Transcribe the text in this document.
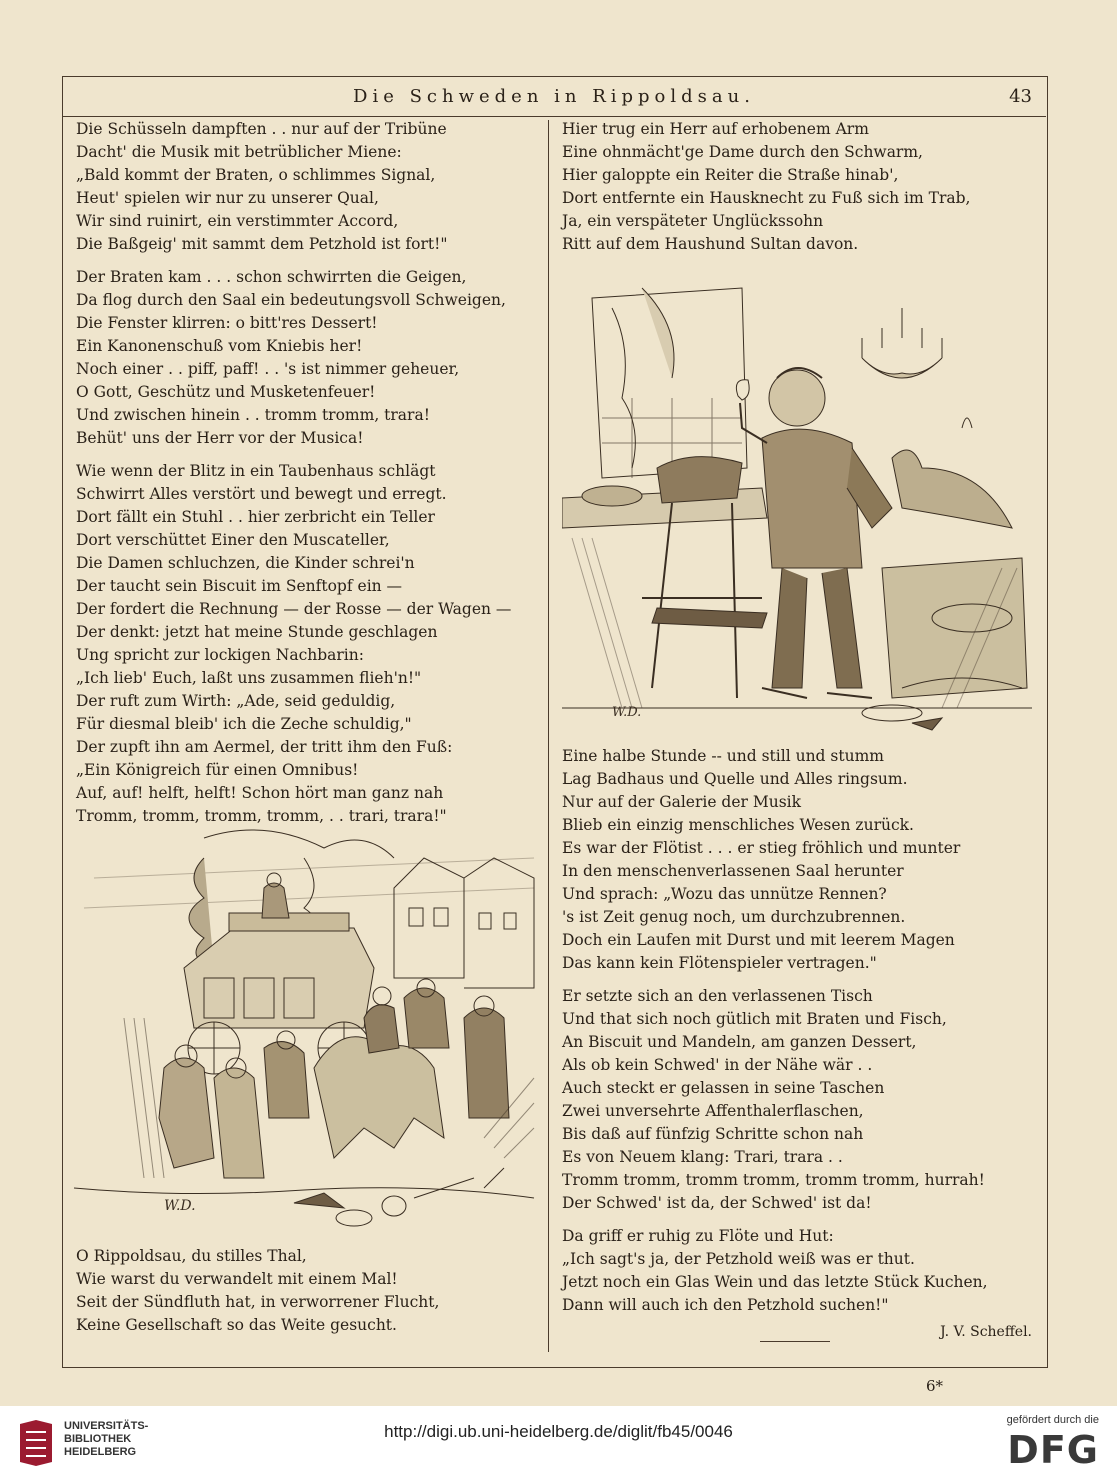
Die Schweden in Rippoldsau.	43
Die Schüsseln dampften . . nur auf der Tribüne
Dacht' die Musik mit betrüblicher Miene:
„Bald kommt der Braten, o schlimmes Signal,
Heut' spielen wir nur zu unserer Qual,
Wir sind ruinirt, ein verstimmter Accord,
Die Baßgeig' mit sammt dem Petzhold ist fort!"
Der Braten kam . . . schon schwirrten die Geigen,
Da flog durch den Saal ein bedeutungsvoll Schweigen,
Die Fenster klirren: o bitt'res Dessert!
Ein Kanonenschuß vom Kniebis her!
Noch einer . . piff, paff! . . 's ist nimmer geheuer,
O Gott, Geschütz und Musketenfeuer!
Und zwischen hinein . . tromm tromm, trara!
Behüt' uns der Herr vor der Musica!
Wie wenn der Blitz in ein Taubenhaus schlägt
Schwirrt Alles verstört und bewegt und erregt.
Dort fällt ein Stuhl . . hier zerbricht ein Teller
Dort verschüttet Einer den Muscateller,
Die Damen schluchzen, die Kinder schrei'n
Der taucht sein Biscuit im Senftopf ein —
Der fordert die Rechnung — der Rosse — der Wagen —
Der denkt: jetzt hat meine Stunde geschlagen
Ung spricht zur lockigen Nachbarin:
„Ich lieb' Euch, laßt uns zusammen flieh'n!"
Der ruft zum Wirth: „Ade, seid geduldig,
Für diesmal bleib' ich die Zeche schuldig,"
Der zupft ihn am Aermel, der tritt ihm den Fuß:
„Ein Königreich für einen Omnibus!
Auf, auf! helft, helft! Schon hört man ganz nah
Tromm, tromm, tromm, tromm, . . trari, trara!"
W.D.
O Rippoldsau, du stilles Thal,
Wie warst du verwandelt mit einem Mal!
Seit der Sündfluth hat, in verworrener Flucht,
Keine Gesellschaft so das Weite gesucht.
Hier trug ein Herr auf erhobenem Arm
Eine ohnmächt'ge Dame durch den Schwarm,
Hier galoppte ein Reiter die Straße hinab',
Dort entfernte ein Hausknecht zu Fuß sich im Trab,
Ja, ein verspäteter Unglückssohn
Ritt auf dem Haushund Sultan davon.
W.D.
Eine halbe Stunde -- und still und stumm
Lag Badhaus und Quelle und Alles ringsum.
Nur auf der Galerie der Musik
Blieb ein einzig menschliches Wesen zurück.
Es war der Flötist . . . er stieg fröhlich und munter
In den menschenverlassenen Saal herunter
Und sprach: „Wozu das unnütze Rennen?
's ist Zeit genug noch, um durchzubrennen.
Doch ein Laufen mit Durst und mit leerem Magen
Das kann kein Flötenspieler vertragen."
Er setzte sich an den verlassenen Tisch
Und that sich noch gütlich mit Braten und Fisch,
An Biscuit und Mandeln, am ganzen Dessert,
Als ob kein Schwed' in der Nähe wär . .
Auch steckt er gelassen in seine Taschen
Zwei unversehrte Affenthalerflaschen,
Bis daß auf fünfzig Schritte schon nah
Es von Neuem klang: Trari, trara . .
Tromm tromm, tromm tromm, tromm tromm, hurrah!
Der Schwed' ist da, der Schwed' ist da!
Da griff er ruhig zu Flöte und Hut:
„Ich sagt's ja, der Petzhold weiß was er thut.
Jetzt noch ein Glas Wein und das letzte Stück Kuchen,
Dann will auch ich den Petzhold suchen!"
J. V. Scheffel.
6*
UNIVERSITÄTS-
BIBLIOTHEK
HEIDELBERG
http://digi.ub.uni-heidelberg.de/diglit/fb45/0046
gefördert durch die
DFG
